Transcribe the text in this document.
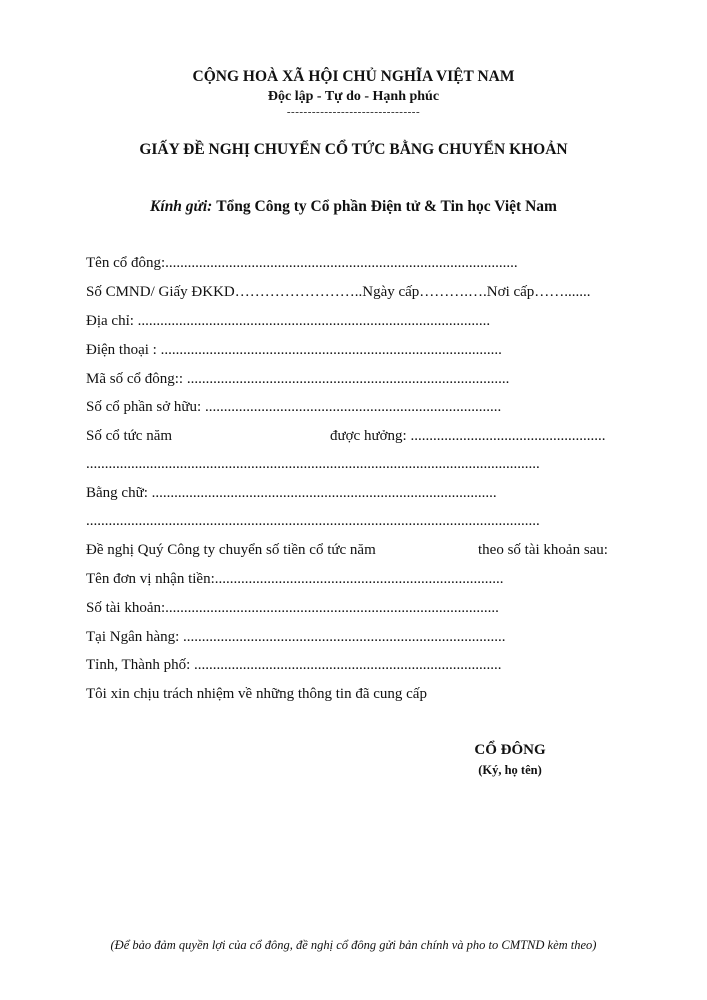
CỘNG HOÀ XÃ HỘI CHỦ NGHĨA VIỆT NAM
Độc lập - Tự do - Hạnh phúc
--------------------------------
GIẤY ĐỀ NGHỊ CHUYỂN CỔ TỨC BẰNG CHUYỂN KHOẢN
Kính gửi: Tổng Công ty Cổ phần Điện tử & Tin học Việt Nam
Tên cổ đông:..............................................................................................
Số CMND/ Giấy ĐKKD……………………..Ngày cấp……….….Nơi cấp…….......
Địa chỉ: ..............................................................................................
Điện thoại : ...........................................................................................
Mã số cổ đông:: ......................................................................................
Số cổ phần sở hữu: ...............................................................................
Số cổ tức năm	được hưởng: ....................................................
.........................................................................................................................
Bằng chữ: ............................................................................................
.........................................................................................................................
Đề nghị Quý Công ty chuyển số tiền cổ tức năm	theo số tài khoản sau:
Tên đơn vị nhận tiền:.............................................................................
Số tài khoản:.........................................................................................
Tại Ngân hàng: ......................................................................................
Tỉnh, Thành phố: ..................................................................................
Tôi xin chịu trách nhiệm về những thông tin đã cung cấp
CỔ ĐÔNG
(Ký, họ tên)
(Để bảo đảm quyền lợi của cổ đông, đề nghị cổ đông gửi bản chính và pho to CMTND kèm theo)
